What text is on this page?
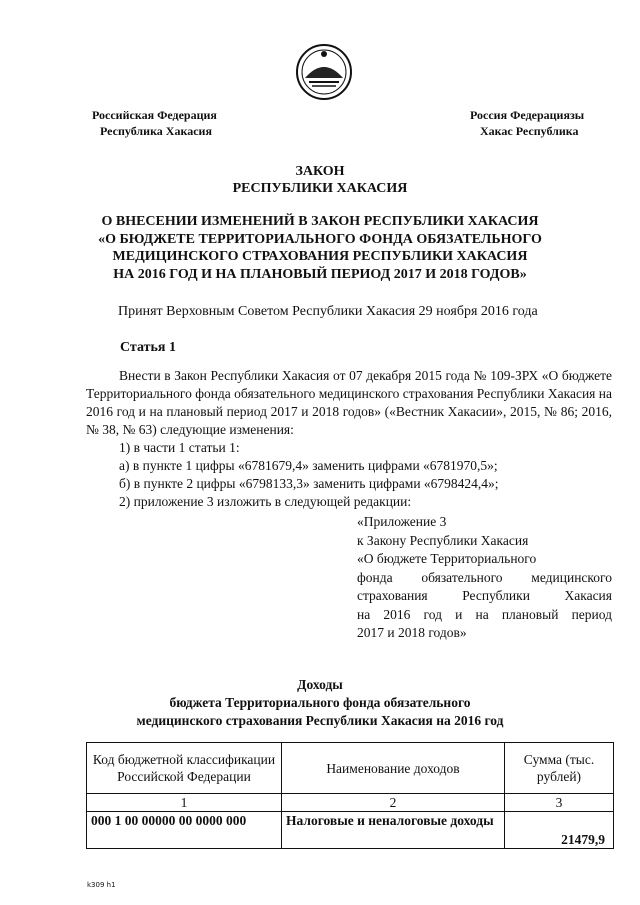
Российская Федерация
Республика Хакасия
Россия Федерациязы
Хакас Республика
ЗАКОН
РЕСПУБЛИКИ ХАКАСИЯ
О ВНЕСЕНИИ ИЗМЕНЕНИЙ В ЗАКОН РЕСПУБЛИКИ ХАКАСИЯ
«О БЮДЖЕТЕ ТЕРРИТОРИАЛЬНОГО ФОНДА ОБЯЗАТЕЛЬНОГО
МЕДИЦИНСКОГО СТРАХОВАНИЯ РЕСПУБЛИКИ ХАКАСИЯ
НА 2016 ГОД И НА ПЛАНОВЫЙ ПЕРИОД 2017 И 2018 ГОДОВ»
Принят Верховным Советом Республики Хакасия 29 ноября 2016 года
Статья 1
Внести в Закон Республики Хакасия от 07 декабря 2015 года № 109-ЗРХ «О бюджете Территориального фонда обязательного медицинского страхования Республики Хакасия на 2016 год и на плановый период 2017 и 2018 годов» («Вестник Хакасии», 2015, № 86; 2016, № 38, № 63) следующие изменения:
1) в части 1 статьи 1:
а) в пункте 1 цифры «6781679,4» заменить цифрами «6781970,5»;
б) в пункте 2 цифры «6798133,3» заменить цифрами «6798424,4»;
2) приложение 3 изложить в следующей редакции:
«Приложение 3
к Закону Республики Хакасия
«О бюджете Территориального
фонда обязательного медицинского
страхования Республики Хакасия
на 2016 год и на плановый период
2017 и 2018 годов»
Доходы
бюджета Территориального фонда обязательного
медицинского страхования Республики Хакасия на 2016 год
Код бюджетной классификации Российской Федерации	Наименование доходов	Сумма (тыс. рублей)
1	2	3
000 1 00 00000 00 0000 000	Налоговые и неналоговые доходы	21479,9
k309 h1
